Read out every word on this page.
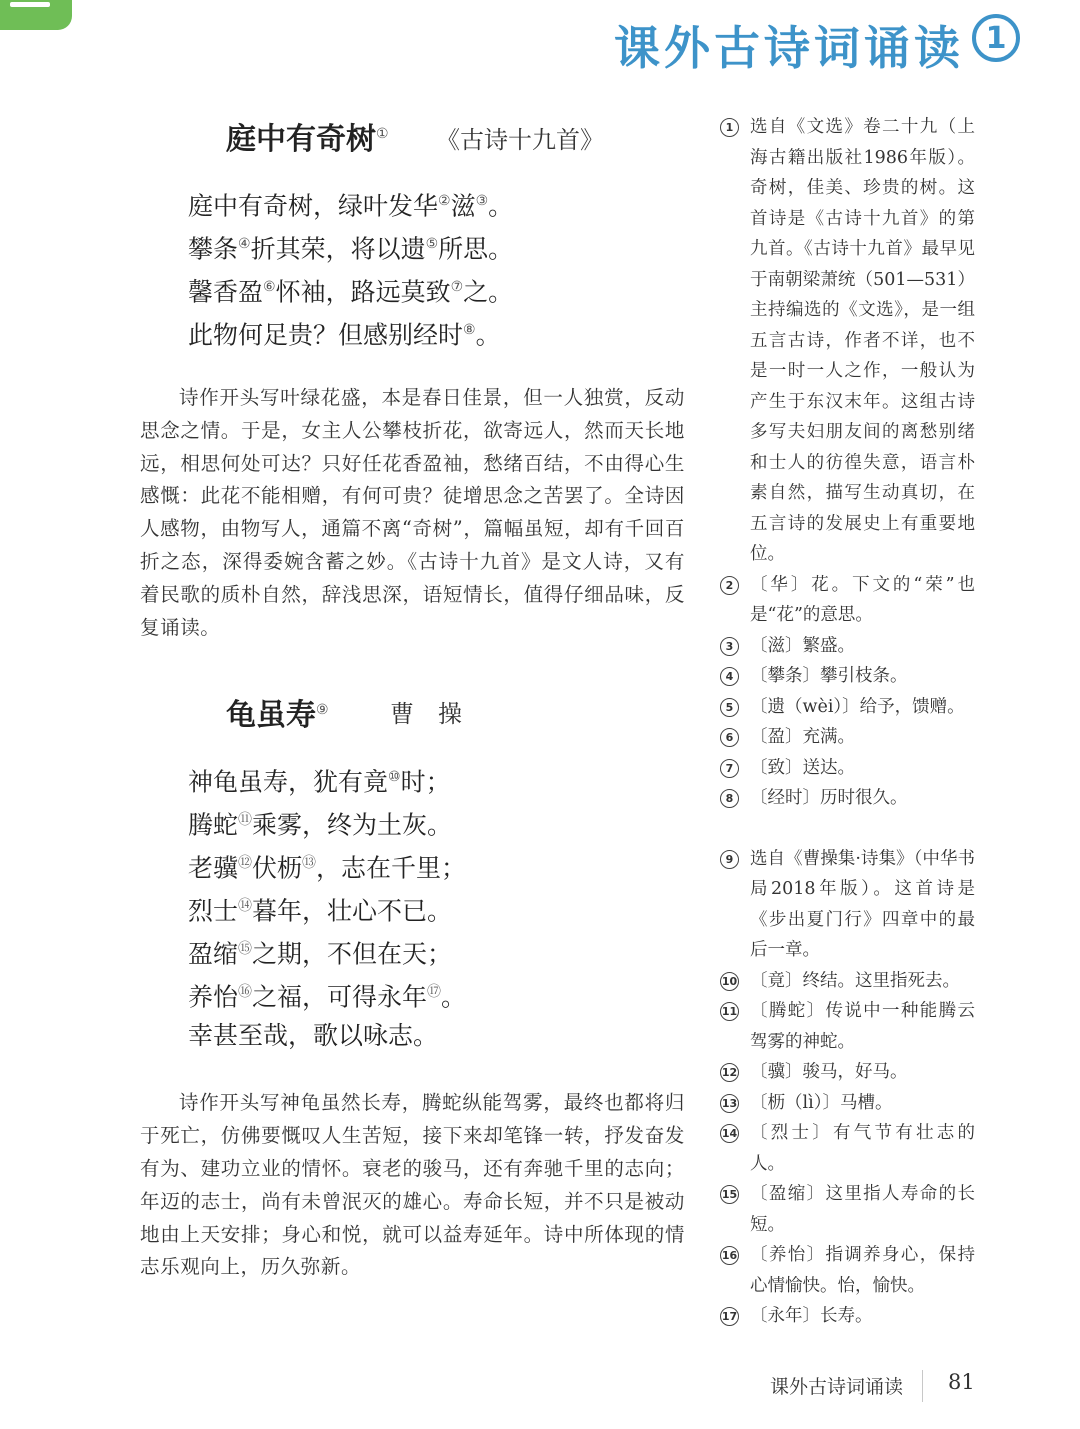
课外古诗词诵读 1
庭中有奇树① 《古诗十九首》
庭中有奇树，绿叶发华②滋③。
攀条④折其荣，将以遗⑤所思。
馨香盈⑥怀袖，路远莫致⑦之。
此物何足贵？但感别经时⑧。

诗作开头写叶绿花盛，本是春日佳景，但一人独赏，反动思念之情。于是，女主人公攀枝折花，欲寄远人，然而天长地远，相思何处可达？只好任花香盈袖，愁绪百结，不由得心生感慨：此花不能相赠，有何可贵？徒增思念之苦罢了。全诗因人感物，由物写人，通篇不离“奇树”，篇幅虽短，却有千回百折之态，深得委婉含蓄之妙。《古诗十九首》是文人诗，又有着民歌的质朴自然，辞浅思深，语短情长，值得仔细品味，反复诵读。

龟虽寿⑨	曹　操
神龟虽寿，犹有竟⑩时；
腾蛇⑪乘雾，终为土灰。
老骥⑫伏枥⑬，志在千里；
烈士⑭暮年，壮心不已。
盈缩⑮之期，不但在天；
养怡⑯之福，可得永年⑰。
幸甚至哉，歌以咏志。

诗作开头写神龟虽然长寿，腾蛇纵能驾雾，最终也都将归于死亡，仿佛要慨叹人生苦短，接下来却笔锋一转，抒发奋发有为、建功立业的情怀。衰老的骏马，还有奔驰千里的志向；年迈的志士，尚有未曾泯灭的雄心。寿命长短，并不只是被动地由上天安排；身心和悦，就可以益寿延年。诗中所体现的情志乐观向上，历久弥新。

1 选自《文选》卷二十九（上海古籍出版社1986年版）。奇树，佳美、珍贵的树。这首诗是《古诗十九首》的第九首。《古诗十九首》最早见于南朝梁萧统（501—531）主持编选的《文选》，是一组五言古诗，作者不详，也不是一时一人之作，一般认为产生于东汉末年。这组古诗多写夫妇朋友间的离愁别绪和士人的彷徨失意，语言朴素自然，描写生动真切，在五言诗的发展史上有重要地位。
2 〔华〕花。下文的“荣”也是“花”的意思。
3 〔滋〕繁盛。
4 〔攀条〕攀引枝条。
5 〔遗（wèi）〕给予，馈赠。
6 〔盈〕充满。
7 〔致〕送达。
8 〔经时〕历时很久。
9 选自《曹操集·诗集》（中华书局2018年版）。这首诗是《步出夏门行》四章中的最后一章。
10 〔竟〕终结。这里指死去。
11 〔腾蛇〕传说中一种能腾云驾雾的神蛇。
12 〔骥〕骏马，好马。
13 〔枥（lì）〕马槽。
14 〔烈士〕有气节有壮志的人。
15 〔盈缩〕这里指人寿命的长短。
16 〔养怡〕指调养身心，保持心情愉快。怡，愉快。
17 〔永年〕长寿。
课外古诗词诵读 81
